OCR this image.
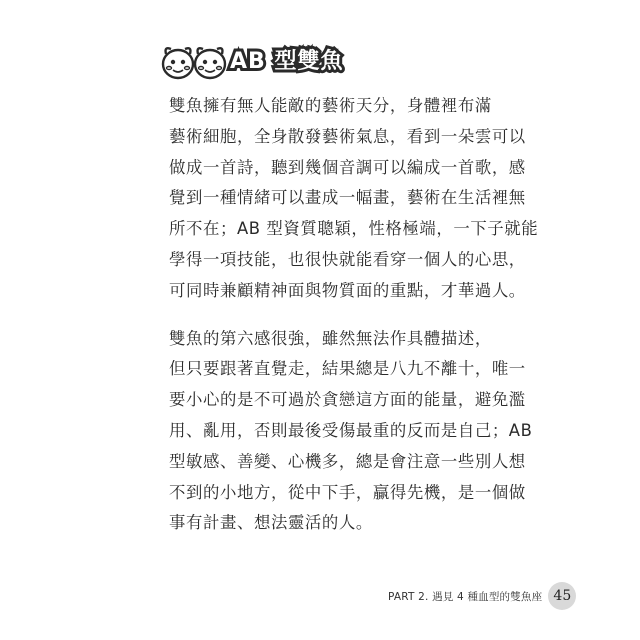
AB 型雙魚

雙魚擁有無人能敵的藝術天分，身體裡布滿
藝術細胞，全身散發藝術氣息，看到一朵雲可以
做成一首詩，聽到幾個音調可以編成一首歌，感
覺到一種情緒可以畫成一幅畫，藝術在生活裡無
所不在；AB 型資質聰穎，性格極端，一下子就能
學得一項技能，也很快就能看穿一個人的心思，
可同時兼顧精神面與物質面的重點，才華過人。

雙魚的第六感很強，雖然無法作具體描述，
但只要跟著直覺走，結果總是八九不離十，唯一
要小心的是不可過於貪戀這方面的能量，避免濫
用、亂用，否則最後受傷最重的反而是自己；AB
型敏感、善變、心機多，總是會注意一些別人想
不到的小地方，從中下手，贏得先機，是一個做
事有計畫、想法靈活的人。

PART 2. 遇見 4 種血型的雙魚座 45
